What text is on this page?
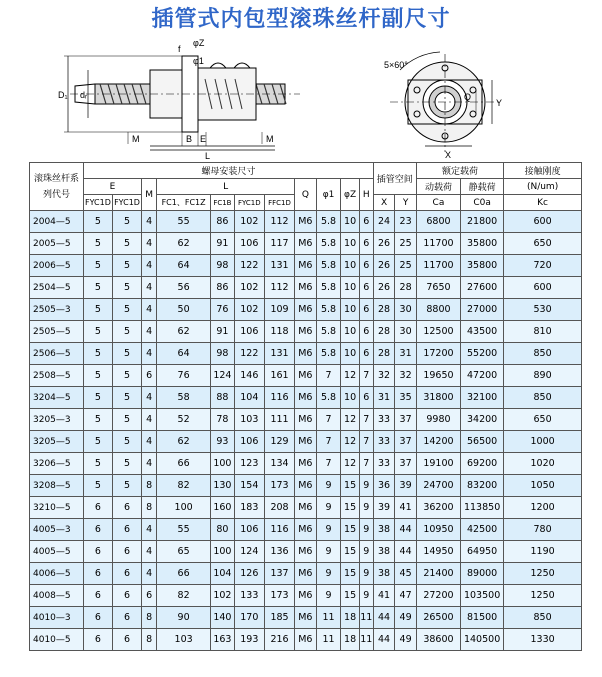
插管式内包型滚珠丝杆副尺寸
D₁ dᵣ
f
φZ
φ1
M	B E
L
M
5×60°
Q
X
Y
滚珠丝杆系列代号	螺母安装尺寸											插管空间		额定载荷		接触刚度
	E		M	L				Q	φ1	φZ	H			动载荷	静载荷	(N/um)
	FYC1D	FYC1D		FC1、FC1Z	FC1B	FYC1D	FFC1D					X	Y	Ca	C0a	Kc
2004—5	5	5	4	55	86	102	112	M6	5.8	10	6	24	23	6800	21800	600
2005—5	5	5	4	62	91	106	117	M6	5.8	10	6	26	25	11700	35800	650
2006—5	5	5	4	64	98	122	131	M6	5.8	10	6	26	25	11700	35800	720
2504—5	5	5	4	56	86	102	112	M6	5.8	10	6	26	28	7650	27600	600
2505—3	5	5	4	50	76	102	109	M6	5.8	10	6	28	30	8800	27000	530
2505—5	5	5	4	62	91	106	118	M6	5.8	10	6	28	30	12500	43500	810
2506—5	5	5	4	64	98	122	131	M6	5.8	10	6	28	31	17200	55200	850
2508—5	5	5	6	76	124	146	161	M6	7	12	7	32	32	19650	47200	890
3204—5	5	5	4	58	88	104	116	M6	5.8	10	6	31	35	31800	32100	850
3205—3	5	5	4	52	78	103	111	M6	7	12	7	33	37	9980	34200	650
3205—5	5	5	4	62	93	106	129	M6	7	12	7	33	37	14200	56500	1000
3206—5	5	5	4	66	100	123	134	M6	7	12	7	33	37	19100	69200	1020
3208—5	5	5	8	82	130	154	173	M6	9	15	9	36	39	24700	83200	1050
3210—5	6	6	8	100	160	183	208	M6	9	15	9	39	41	36200	113850	1200
4005—3	6	6	4	55	80	106	116	M6	9	15	9	38	44	10950	42500	780
4005—5	6	6	4	65	100	124	136	M6	9	15	9	38	44	14950	64950	1190
4006—5	6	6	4	66	104	126	137	M6	9	15	9	38	45	21400	89000	1250
4008—5	6	6	6	82	102	133	173	M6	9	15	9	41	47	27200	103500	1250
4010—3	6	6	8	90	140	170	185	M6	11	18	11	44	49	26500	81500	850
4010—5	6	6	8	103	163	193	216	M6	11	18	11	44	49	38600	140500	1330
